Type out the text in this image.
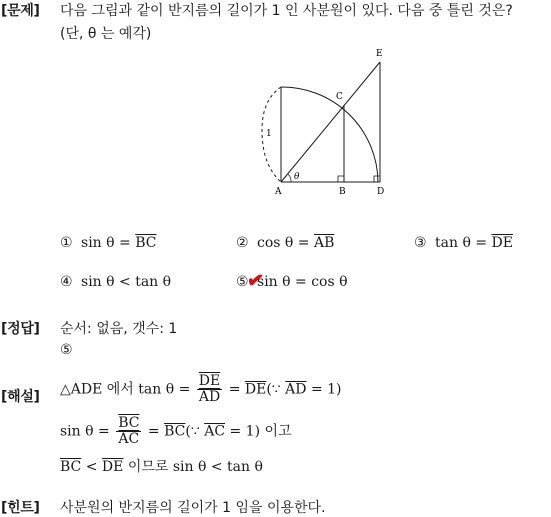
[문제] 다음 그림과 같이 반지름의 길이가 1 인 사분원이 있다. 다음 중 틀린 것은?
(단, θ 는 예각)
A	B
C
D
E
1
θ
① $\sin \theta = \overline{BC}$	② $\cos \theta = \overline{AB}$	③ $\tan \theta = \overline{DE}$
④ sin θ < tan θ	⑤ sin θ = cos θ
✔
[정답] 순서: 없음, 갯수: 1
⑤
[해설] △ADE 에서 $\tan \theta = \frac{\overline{DE}}{AD}$ = $\overline{DE}(\because$ $\overline{AD} = 1$)
$\sin \theta = \frac{\overline{BC}}{AC}$ = $\overline{BC}(\because$ $\overline{AC} = 1$) 이고
$\overline{BC} < \overline{DE}$ 이므로 sin θ < tan θ
[힌트] 사분원의 반지름의 길이가 1 임을 이용한다.
